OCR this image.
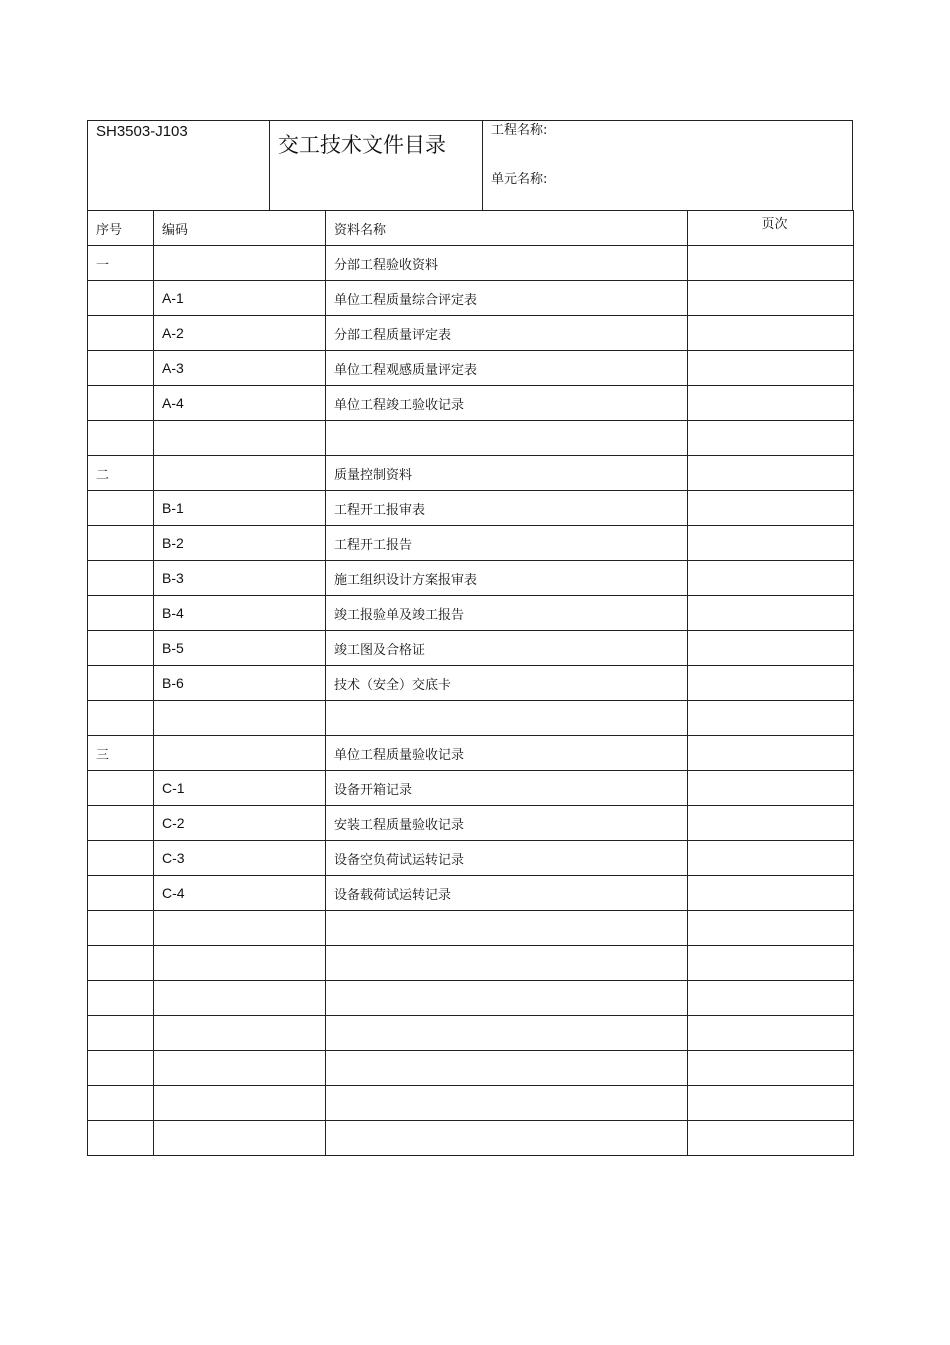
SH3503-J103
交工技术文件目录
工程名称:
单元名称:
序号	编码	资料名称	页次
一		分部工程验收资料	
	A-1	单位工程质量综合评定表	
	A-2	分部工程质量评定表	
	A-3	单位工程观感质量评定表	
	A-4	单位工程竣工验收记录	

二		质量控制资料	
	B-1	工程开工报审表	
	B-2	工程开工报告	
	B-3	施工组织设计方案报审表	
	B-4	竣工报验单及竣工报告	
	B-5	竣工图及合格证	
	B-6	技术（安全）交底卡	

三		单位工程质量验收记录	
	C-1	设备开箱记录	
	C-2	安装工程质量验收记录	
	C-3	设备空负荷试运转记录	
	C-4	设备载荷试运转记录	
